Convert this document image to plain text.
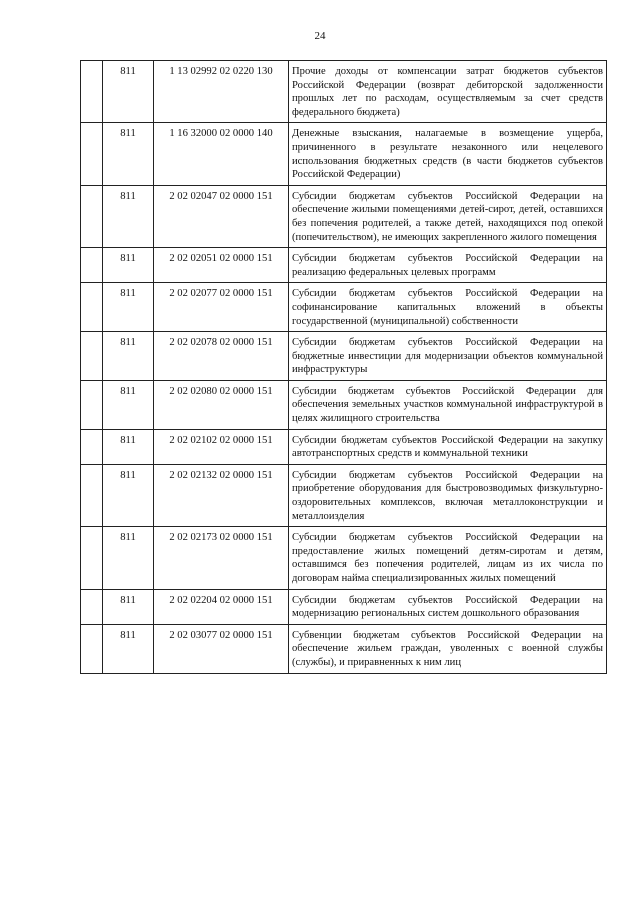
24
	811	1 13 02992 02 0220 130	Прочие доходы от компенсации затрат бюджетов субъектов Российской Федерации (возврат дебиторской задолженности прошлых лет по расходам, осуществляемым за счет средств федерального бюджета)
	811	1 16 32000 02 0000 140	Денежные взыскания, налагаемые в возмещение ущерба, причиненного в результате незаконного или нецелевого использования бюджетных средств (в части бюджетов субъектов Российской Федерации)
	811	2 02 02047 02 0000 151	Субсидии бюджетам субъектов Российской Федерации на обеспечение жилыми помещениями детей-сирот, детей, оставшихся без попечения родителей, а также детей, находящихся под опекой (попечительством), не имеющих закрепленного жилого помещения
	811	2 02 02051 02 0000 151	Субсидии бюджетам субъектов Российской Федерации на реализацию федеральных целевых программ
	811	2 02 02077 02 0000 151	Субсидии бюджетам субъектов Российской Федерации на софинансирование капитальных вложений в объекты государственной (муниципальной) собственности
	811	2 02 02078 02 0000 151	Субсидии бюджетам субъектов Российской Федерации на бюджетные инвестиции для модернизации объектов коммунальной инфраструктуры
	811	2 02 02080 02 0000 151	Субсидии бюджетам субъектов Российской Федерации для обеспечения земельных участков коммунальной инфраструктурой в целях жилищного строительства
	811	2 02 02102 02 0000 151	Субсидии бюджетам субъектов Российской Федерации на закупку автотранспортных средств и коммунальной техники
	811	2 02 02132 02 0000 151	Субсидии бюджетам субъектов Российской Федерации на приобретение оборудования для быстровозводимых физкультурно-оздоровительных комплексов, включая металлоконструкции и металлоизделия
	811	2 02 02173 02 0000 151	Субсидии бюджетам субъектов Российской Федерации на предоставление жилых помещений детям-сиротам и детям, оставшимся без попечения родителей, лицам из их числа по договорам найма специализированных жилых помещений
	811	2 02 02204 02 0000 151	Субсидии бюджетам субъектов Российской Федерации на модернизацию региональных систем дошкольного образования
	811	2 02 03077 02 0000 151	Субвенции бюджетам субъектов Российской Федерации на обеспечение жильем граждан, уволенных с военной службы (службы), и приравненных к ним лиц
